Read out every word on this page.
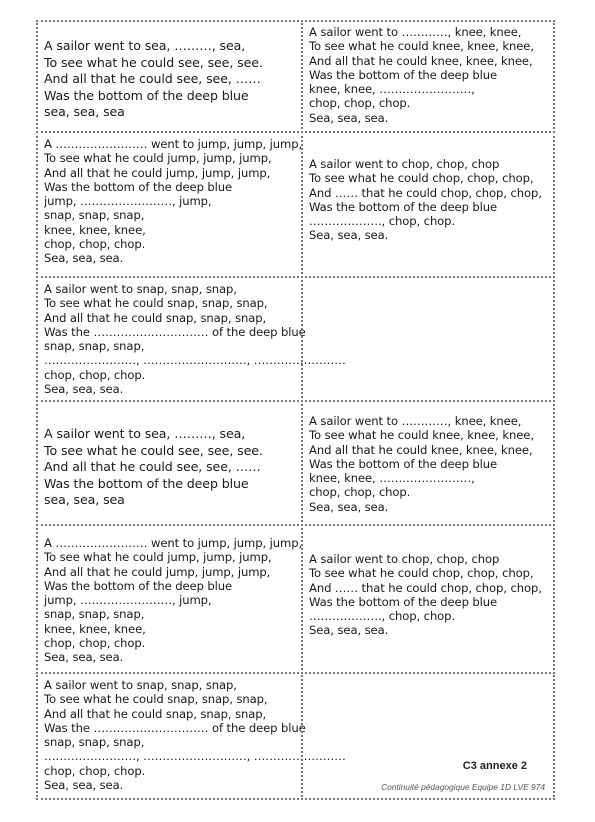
A sailor went to sea, ………, sea,
To see what he could see, see, see.
And all that he could see, see, ……
Was the bottom of the deep blue
sea, sea, sea
A sailor went to …………, knee, knee,
To see what he could knee, knee, knee,
And all that he could knee, knee, knee,
Was the bottom of the deep blue
knee, knee, ……………………,
chop, chop, chop.
Sea, sea, sea.
A …………………… went to jump, jump, jump,
To see what he could jump, jump, jump,
And all that he could jump, jump, jump,
Was the bottom of the deep blue
jump, ……………………, jump,
snap, snap, snap,
knee, knee, knee,
chop, chop, chop.
Sea, sea, sea.
A sailor went to chop, chop, chop
To see what he could chop, chop, chop,
And …… that he could chop, chop, chop,
Was the bottom of the deep blue
………………., chop, chop.
Sea, sea, sea.
A sailor went to snap, snap, snap,
To see what he could snap, snap, snap,
And all that he could snap, snap, snap,
Was the ………………………… of the deep blue
snap, snap, snap,
……………………, ………………………, ……………………
chop, chop, chop.
Sea, sea, sea.
A sailor went to sea, ………, sea,
To see what he could see, see, see.
And all that he could see, see, ……
Was the bottom of the deep blue
sea, sea, sea
A sailor went to …………, knee, knee,
To see what he could knee, knee, knee,
And all that he could knee, knee, knee,
Was the bottom of the deep blue
knee, knee, ……………………,
chop, chop, chop.
Sea, sea, sea.
A …………………… went to jump, jump, jump,
To see what he could jump, jump, jump,
And all that he could jump, jump, jump,
Was the bottom of the deep blue
jump, ……………………, jump,
snap, snap, snap,
knee, knee, knee,
chop, chop, chop.
Sea, sea, sea.
A sailor went to chop, chop, chop
To see what he could chop, chop, chop,
And …… that he could chop, chop, chop,
Was the bottom of the deep blue
………………., chop, chop.
Sea, sea, sea.
A sailor went to snap, snap, snap,
To see what he could snap, snap, snap,
And all that he could snap, snap, snap,
Was the ………………………… of the deep blue
snap, snap, snap,
……………………, ………………………, ……………………
chop, chop, chop.
Sea, sea, sea.
C3 annexe 2
Continuité pédagogique Equipe 1D LVE 974
